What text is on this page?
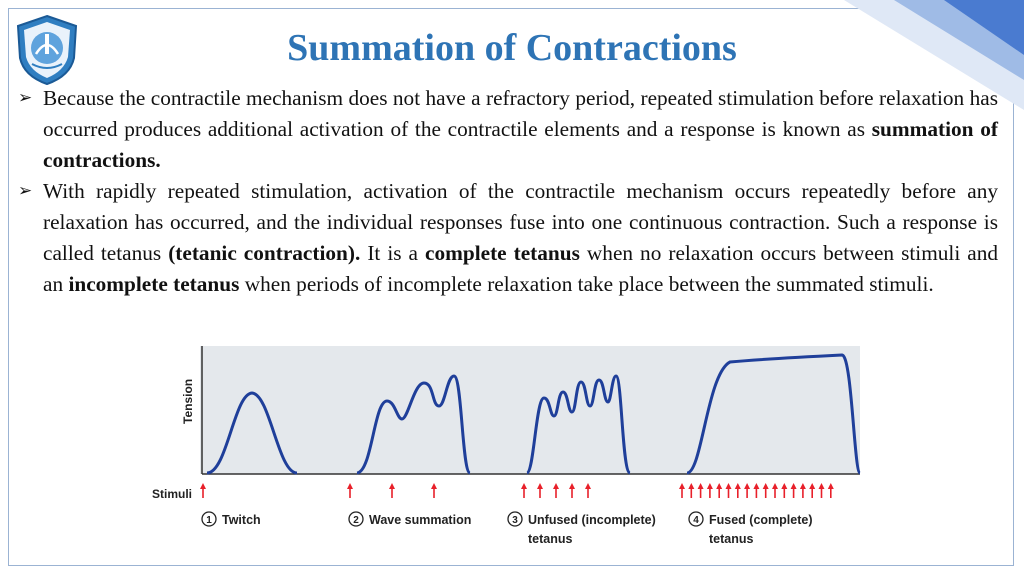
Summation of Contractions

➢ Because the contractile mechanism does not have a refractory period, repeated stimulation before relaxation has occurred produces additional activation of the contractile elements and a response is known as summation of contractions.

➢ With rapidly repeated stimulation, activation of the contractile mechanism occurs repeatedly before any relaxation has occurred, and the individual responses fuse into one continuous contraction. Such a response is called tetanus (tetanic contraction). It is a complete tetanus when no relaxation occurs between stimuli and an incomplete tetanus when periods of incomplete relaxation take place between the summated stimuli.

Tension
Stimuli
1 Twitch	2 Wave summation	3 Unfused (incomplete)
tetanus
4 Fused (complete)
tetanus
